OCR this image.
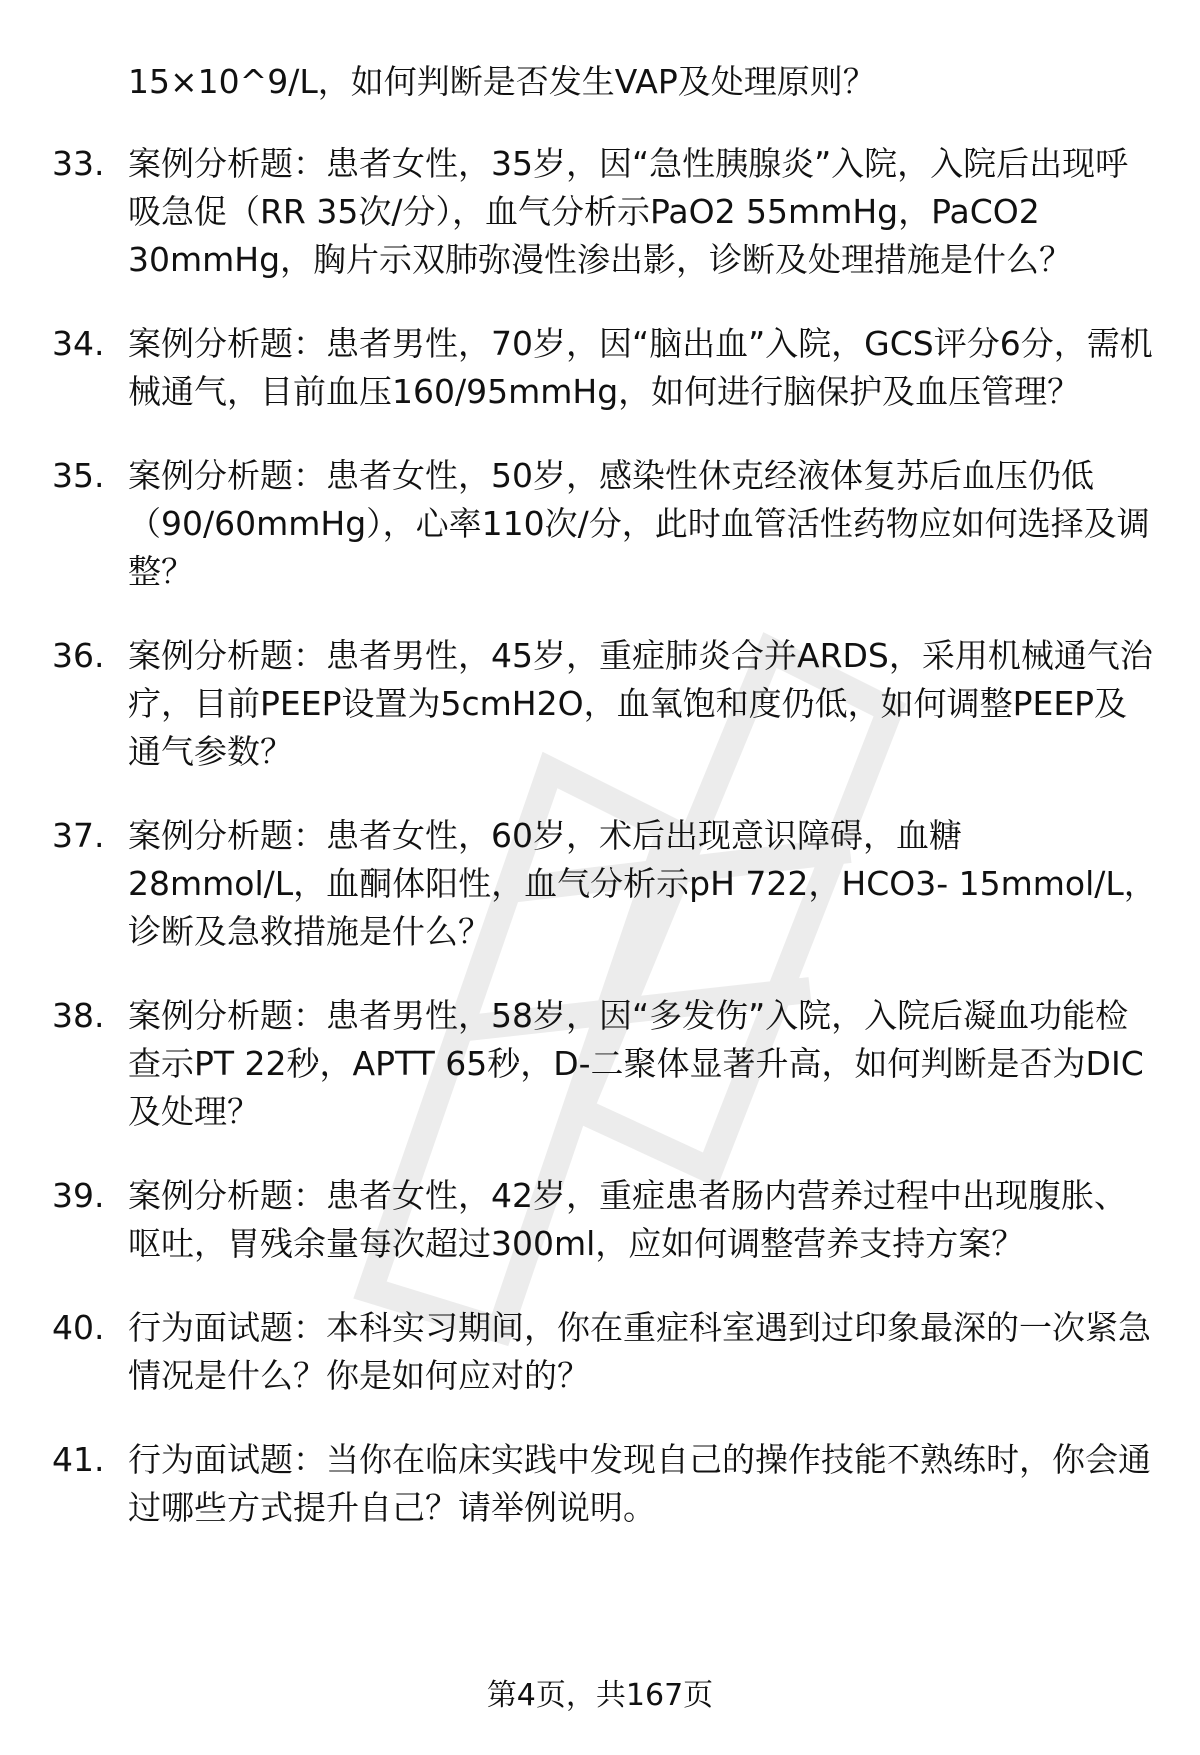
15×10^9/L，如何判断是否发生VAP及处理原则？
33. 案例分析题：患者女性，35岁，因“急性胰腺炎”入院，入院后出现呼吸急促（RR 35次/分），血气分析示PaO2 55mmHg，PaCO2 30mmHg，胸片示双肺弥漫性渗出影，诊断及处理措施是什么？
34. 案例分析题：患者男性，70岁，因“脑出血”入院，GCS评分6分，需机械通气，目前血压160/95mmHg，如何进行脑保护及血压管理？
35. 案例分析题：患者女性，50岁，感染性休克经液体复苏后血压仍低（90/60mmHg），心率110次/分，此时血管活性药物应如何选择及调整？
36. 案例分析题：患者男性，45岁，重症肺炎合并ARDS，采用机械通气治疗，目前PEEP设置为5cmH2O，血氧饱和度仍低，如何调整PEEP及通气参数？
37. 案例分析题：患者女性，60岁，术后出现意识障碍，血糖28mmol/L，血酮体阳性，血气分析示pH 722，HCO3- 15mmol/L，诊断及急救措施是什么？
38. 案例分析题：患者男性，58岁，因“多发伤”入院，入院后凝血功能检查示PT 22秒，APTT 65秒，D-二聚体显著升高，如何判断是否为DIC及处理？
39. 案例分析题：患者女性，42岁，重症患者肠内营养过程中出现腹胀、呕吐，胃残余量每次超过300ml，应如何调整营养支持方案？
40. 行为面试题：本科实习期间，你在重症科室遇到过印象最深的一次紧急情况是什么？你是如何应对的？
41. 行为面试题：当你在临床实践中发现自己的操作技能不熟练时，你会通过哪些方式提升自己？请举例说明。
第4页，共167页
